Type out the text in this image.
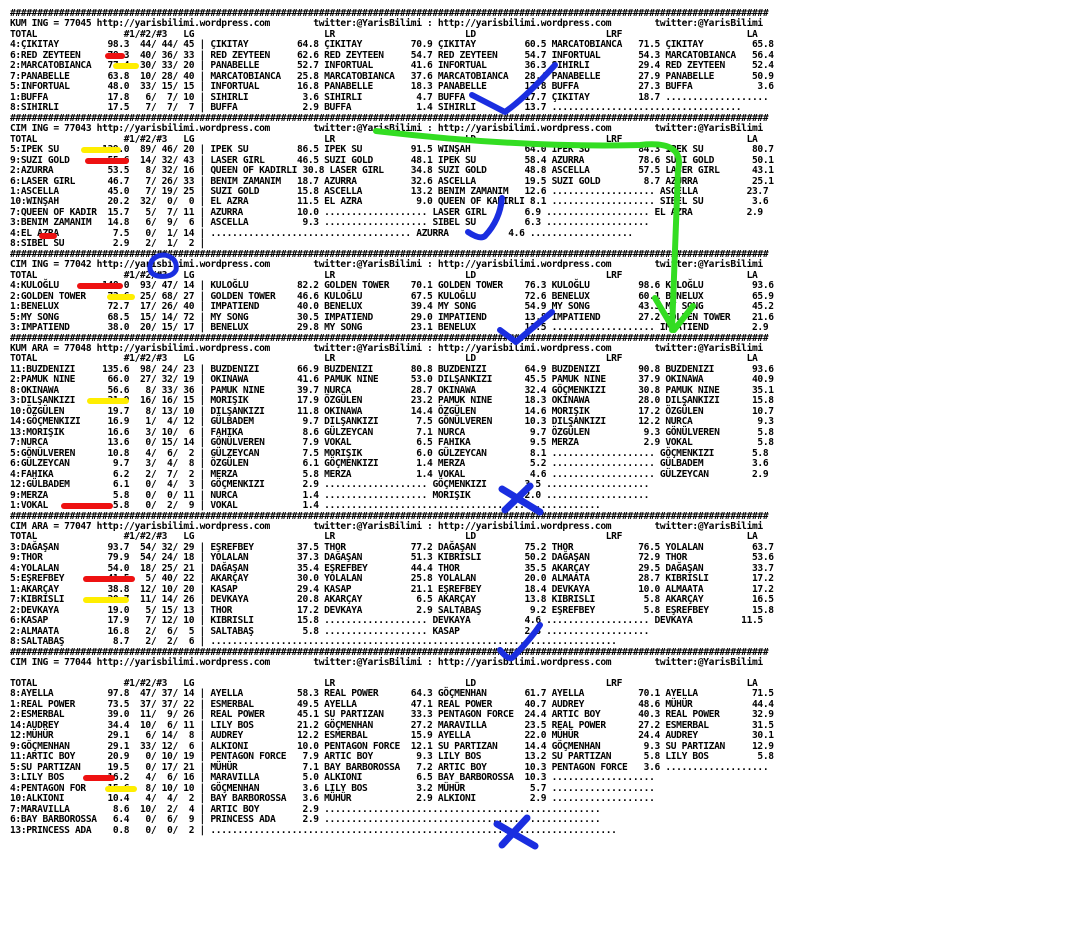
############################################################################################################################################
KUM ING = 77045 http://yarisbilimi.wordpress.com        twitter:@YarisBilimi : http://yarisbilimi.wordpress.com        twitter:@YarisBilimi
TOTAL                #1/#2/#3   LG                        LR                        LD                        LRF                       LA
4:ÇIKITAY         98.3  44/ 44/ 45 | ÇIKITAY         64.8 ÇIKITAY         70.9 ÇIKITAY         60.5 MARCATOBIANCA   71.5 ÇIKITAY         65.8
6:RED ZEYTEEN     78.3  40/ 36/ 33 | RED ZEYTEEN     62.6 RED ZEYTEEN     54.7 RED ZEYTEEN     54.7 INFORTUAL       54.3 MARCATOBIANCA   56.4
2:MARCATOBIANCA   77.4  30/ 33/ 20 | PANABELLE       52.7 INFORTUAL       41.6 INFORTUAL       36.3 SIHIRLI         29.4 RED ZEYTEEN     52.4
7:PANABELLE       63.8  10/ 28/ 40 | MARCATOBIANCA   25.8 MARCATOBIANCA   37.6 MARCATOBIANCA   28.4 PANABELLE       27.9 PANABELLE       50.9
5:INFORTUAL       48.0  33/ 15/ 15 | INFORTUAL       16.8 PANABELLE       18.3 PANABELLE       17.8 BUFFA           27.3 BUFFA            3.6
1:BUFFA           17.8   6/  7/ 10 | SIHIRLI          3.6 SIHIRLI          4.7 BUFFA           17.7 ÇIKITAY         18.7 ...................
8:SIHIRLI         17.5   7/  7/  7 | BUFFA            2.9 BUFFA            1.4 SIHIRLI         13.7 ...................................
############################################################################################################################################
CIM ING = 77043 http://yarisbilimi.wordpress.com        twitter:@YarisBilimi : http://yarisbilimi.wordpress.com        twitter:@YarisBilimi
TOTAL                #1/#2/#3   LG                        LR                        LD                        LRF                       LA
5:IPEK SU        139.0  89/ 46/ 20 | IPEK SU         86.5 IPEK SU         91.5 WINŞAH          64.0 IPEK SU         84.3 IPEK SU         80.7
9:SUZI GOLD       55.6  14/ 32/ 43 | LASER GIRL      46.5 SUZI GOLD       48.1 IPEK SU         58.4 AZURRA          78.6 SUZI GOLD       50.1
2:AZURRA          53.5   8/ 32/ 16 | QUEEN OF KADIRLI 30.8 LASER GIRL     34.8 SUZI GOLD       48.8 ASCELLA         57.5 LASER GIRL      43.1
6:LASER GIRL      46.7   7/ 26/ 33 | BENIM ZAMANIM   18.7 AZURRA          32.6 ASCELLA         19.5 SUZI GOLD        8.7 AZURRA          25.1
1:ASCELLA         45.0   7/ 19/ 25 | SUZI GOLD       15.8 ASCELLA         13.2 BENIM ZAMANIM   12.6 ................... ASCELLA         23.7
10:WINŞAH         20.2  32/  0/  0 | EL AZRA         11.5 EL AZRA          9.0 QUEEN OF KADIRLI 8.1 ................... SIBEL SU         3.6
7:QUEEN OF KADIR  15.7   5/  7/ 11 | AZURRA          10.0 ................... LASER GIRL       6.9 ................... EL AZRA          2.9
3:BENIM ZAMANIM   14.8   6/  9/  6 | ASCELLA          9.3 ................... SIBEL SU         6.3 ...................
4:EL AZRA          7.5   0/  1/ 14 | ..................................... AZURRA           4.6 ...................
8:SIBEL SU         2.9   2/  1/  2 |
############################################################################################################################################
CIM ING = 77042 http://yarisbilimi.wordpress.com        twitter:@YarisBilimi : http://yarisbilimi.wordpress.com        twitter:@YarisBilimi
TOTAL                #1/#2/#3   LG                        LR                        LD                        LRF                       LA
4:KULOĞLU        148.0  93/ 47/ 14 | KULOĞLU         82.2 GOLDEN TOWER    70.1 GOLDEN TOWER    76.3 KULOĞLU         98.6 KULOĞLU         93.6
2:GOLDEN TOWER    73.6  25/ 68/ 27 | GOLDEN TOWER    46.6 KULOĞLU         67.5 KULOĞLU         72.6 BENELUX         60.1 BENELUX         65.9
1:BENELUX         72.7  17/ 26/ 40 | IMPATIEND       40.0 BENELUX         39.4 MY SONG         54.9 MY SONG         43.3 MY SONG         45.2
5:MY SONG         68.5  15/ 14/ 72 | MY SONG         30.5 IMPATIEND       29.0 IMPATIEND       13.8 IMPATIEND       27.2 GOLDEN TOWER    21.6
3:IMPATIEND       38.0  20/ 15/ 17 | BENELUX         29.8 MY SONG         23.1 BENELUX         11.5 ................... IMPATIEND        2.9
############################################################################################################################################
KUM ARA = 77048 http://yarisbilimi.wordpress.com        twitter:@YarisBilimi : http://yarisbilimi.wordpress.com        twitter:@YarisBilimi
TOTAL                #1/#2/#3   LG                        LR                        LD                        LRF                       LA
11:BUZDENIZI     135.6  98/ 24/ 23 | BUZDENIZI       66.9 BUZDENIZI       80.8 BUZDENIZI       64.9 BUZDENIZI       90.8 BUZDENIZI       93.6
2:PAMUK NINE      66.0  27/ 32/ 19 | OKINAWA         41.6 PAMUK NINE      53.0 DILŞANKIZI      45.5 PAMUK NINE      37.9 OKINAWA         40.9
8:OKINAWA         56.6   8/ 33/ 36 | PAMUK NINE      39.7 NURCA           28.7 OKINAWA         32.4 GÖÇMENKIZI      30.8 PAMUK NINE      35.1
3:DILŞANKIZI      31.9  16/ 16/ 15 | MORIŞIK         17.9 ÖZGÜLEN         23.2 PAMUK NINE      18.3 OKINAWA         28.0 DILŞANKIZI      15.8
10:ÖZGÜLEN        19.7   8/ 13/ 10 | DILŞANKIZI      11.8 OKINAWA         14.4 ÖZGÜLEN         14.6 MORIŞIK         17.2 ÖZGÜLEN         10.7
14:GÖÇMENKIZI     16.9   1/  4/ 12 | GÜLBADEM         9.7 DILŞANKIZI       7.5 GÖNÜLVEREN      10.3 DILŞANKIZI      12.2 NURCA            9.3
13:MORIŞIK        16.6   3/ 10/  6 | FAHIKA           8.6 GÜLZEYCAN        7.1 NURCA            9.7 ÖZGÜLEN          9.3 GÖNÜLVEREN       5.8
7:NURCA           13.6   0/ 15/ 14 | GÖNÜLVEREN       7.9 VOKAL            6.5 FAHIKA           9.5 MERZA            2.9 VOKAL            5.8
5:GÖNÜLVEREN      10.8   4/  6/  2 | GÜLZEYCAN        7.5 MORIŞIK          6.0 GÜLZEYCAN        8.1 ................... GÖÇMENKIZI       5.8
6:GÜLZEYCAN        9.7   3/  4/  8 | ÖZGÜLEN          6.1 GÖÇMENKIZI       1.4 MERZA            5.2 ................... GÜLBADEM         3.6
4:FAHIKA           6.2   2/  7/  2 | MERZA            5.8 MERZA            1.4 VOKAL            4.6 ................... GÜLZEYCAN        2.9
12:GÜLBADEM        6.1   0/  4/  3 | GÖÇMENKIZI       2.9 ................... GÖÇMENKIZI       3.5 ...................
9:MERZA            5.8   0/  0/ 11 | NURCA            1.4 ................... MORIŞIK          2.0 ...................
1:VOKAL            5.8   0/  2/  9 | VOKAL            1.4 ...................................................
############################################################################################################################################
CIM ARA = 77047 http://yarisbilimi.wordpress.com        twitter:@YarisBilimi : http://yarisbilimi.wordpress.com        twitter:@YarisBilimi
TOTAL                #1/#2/#3   LG                        LR                        LD                        LRF                       LA
3:DAĞAŞAN         93.7  54/ 32/ 29 | EŞREFBEY        37.5 THOR            77.2 DAĞAŞAN         75.2 THOR            76.5 YOLALAN         63.7
9:THOR            79.9  54/ 24/ 18 | YOLALAN         37.3 DAĞAŞAN         51.3 KIBRISLI        50.2 DAĞAŞAN         72.9 THOR            53.6
4:YOLALAN         54.0  18/ 25/ 21 | DAĞAŞAN         35.4 EŞREFBEY        44.4 THOR            35.5 AKARÇAY         29.5 DAĞAŞAN         33.7
5:EŞREFBEY        41.5   5/ 40/ 22 | AKARÇAY         30.0 YOLALAN         25.8 YOLALAN         20.0 ALMAATA         28.7 KIBRISLI        17.2
1:AKARÇAY         38.8  12/ 10/ 20 | KASAP           29.4 KASAP           21.1 EŞREFBEY        18.4 DEVKAYA         10.0 ALMAATA         17.2
7:KIBRISLI        30.7  11/ 14/ 26 | DEVKAYA         20.8 AKARÇAY          6.5 AKARÇAY         13.8 KIBRISLI         5.8 AKARÇAY         16.5
2:DEVKAYA         19.0   5/ 15/ 13 | THOR            17.2 DEVKAYA          2.9 SALTABAŞ         9.2 EŞREFBEY         5.8 EŞREFBEY        15.8
6:KASAP           17.9   7/ 12/ 10 | KIBRISLI        15.8 ................... DEVKAYA          4.6 ................... DEVKAYA         11.5
2:ALMAATA         16.8   2/  6/  5 | SALTABAŞ         5.8 ................... KASAP            2.3 ...................
8:SALTABAŞ         8.7   2/  2/  6 | ...........................................................................
############################################################################################################################################
CIM ING = 77044 http://yarisbilimi.wordpress.com        twitter:@YarisBilimi : http://yarisbilimi.wordpress.com        twitter:@YarisBilimi
TOTAL                #1/#2/#3   LG                        LR                        LD                        LRF                       LA
8:AYELLA          97.8  47/ 37/ 14 | AYELLA          58.3 REAL POWER      64.3 GÖÇMENHAN       61.7 AYELLA          70.1 AYELLA          71.5
1:REAL POWER      73.5  37/ 37/ 22 | ESMERBAL        49.5 AYELLA          47.1 REAL POWER      40.7 AUDREY          48.6 MÜHÜR           44.4
2:ESMERBAL        39.0  11/  9/ 26 | REAL POWER      45.1 SU PARTIZAN     33.3 PENTAGON FORCE  24.4 ARTIC BOY       40.3 REAL POWER      32.9
14:AUDREY         34.4  10/  6/ 11 | LILY BOS        21.2 GÖÇMENHAN       27.2 MARAVILLA       23.5 REAL POWER      27.2 ESMERBAL        31.5
12:MÜHÜR          29.1   6/ 14/  8 | AUDREY          12.2 ESMERBAL        15.9 AYELLA          22.0 MÜHÜR           24.4 AUDREY          30.1
9:GÖÇMENHAN       29.1  33/ 12/  6 | ALKIONI         10.0 PENTAGON FORCE  12.1 SU PARTIZAN     14.4 GÖÇMENHAN        9.3 SU PARTIZAN     12.9
11:ARTIC BOY      20.9   0/ 10/ 19 | PENTAGON FORCE   7.9 ARTIC BOY        9.3 LILY BOS        13.2 SU PARTIZAN      5.8 LILY BOS         5.8
5:SU PARTIZAN     19.5   0/ 17/ 21 | MÜHÜR            7.1 BAY BARBOROSSA   7.2 ARTIC BOY       10.3 PENTAGON FORCE   3.6 ...................
3:LILY BOS        16.2   4/  6/ 16 | MARAVILLA        5.0 ALKIONI          6.5 BAY BARBOROSSA  10.3 ...................
4:PENTAGON FOR    15.6   8/ 10/ 10 | GÖÇMENHAN        3.6 LILY BOS         3.2 MÜHÜR            5.7 ...................
10:ALKIONI        10.4   4/  4/  2 | BAY BARBOROSSA   3.6 MÜHÜR            2.9 ALKIONI          2.9 ...................
7:MARAVILLA        8.6  10/  2/  4 | ARTIC BOY        2.9 ...................................................
6:BAY BARBOROSSA   6.4   0/  6/  9 | PRINCESS ADA     2.9 ...................................................
13:PRINCESS ADA    0.8   0/  0/  2 | ...........................................................................
